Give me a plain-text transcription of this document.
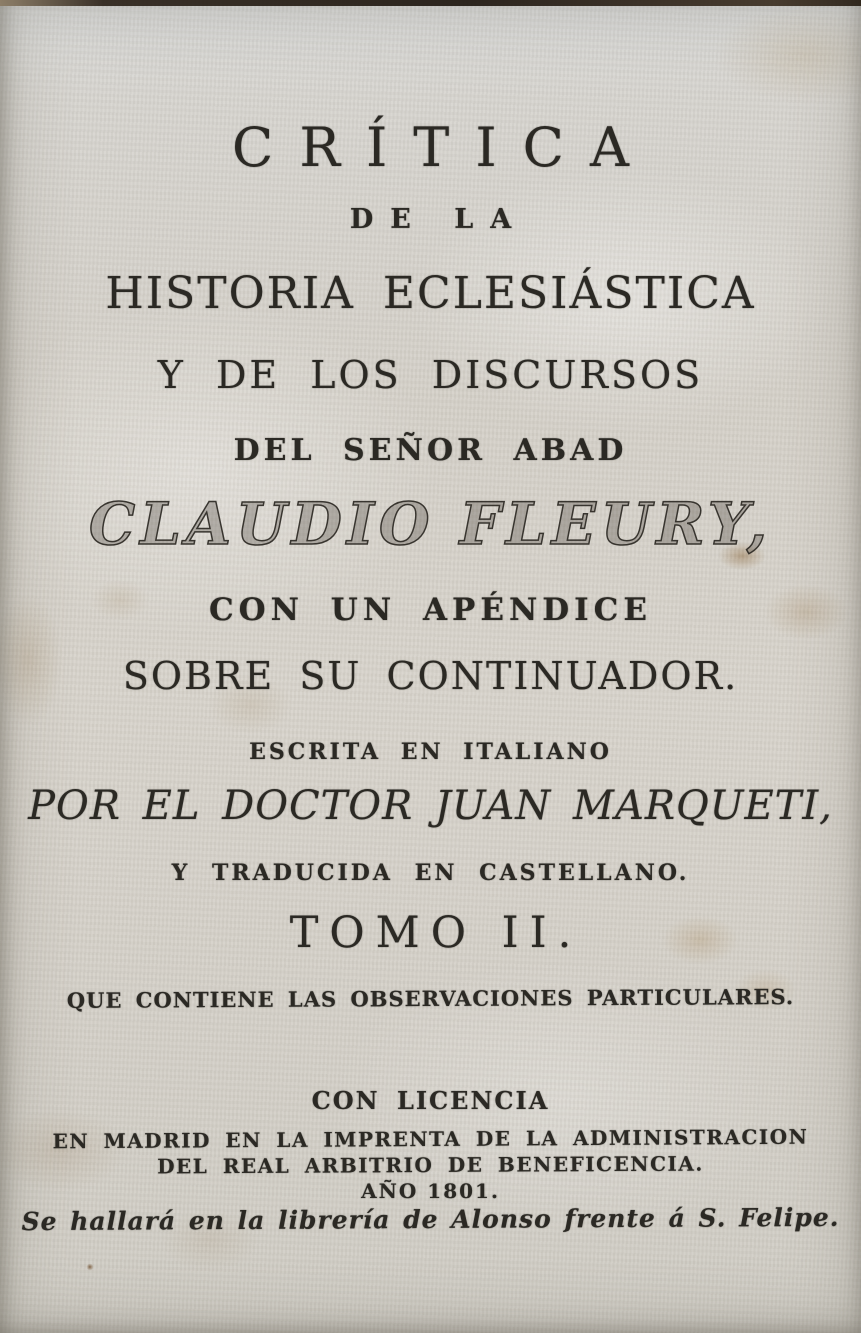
CRÍTICA
DE LA
HISTORIA ECLESIÁSTICA
Y DE LOS DISCURSOS
DEL SEÑOR ABAD
CLAUDIO FLEURY,
CON UN APÉNDICE
SOBRE SU CONTINUADOR.
ESCRITA EN ITALIANO
POR EL DOCTOR JUAN MARQUETI,
Y TRADUCIDA EN CASTELLANO.
TOMO II.
QUE CONTIENE LAS OBSERVACIONES PARTICULARES.
CON LICENCIA
EN MADRID EN LA IMPRENTA DE LA ADMINISTRACION
DEL REAL ARBITRIO DE BENEFICENCIA.
AÑO 1801.
Se hallará en la librería de Alonso frente á S. Felipe.
